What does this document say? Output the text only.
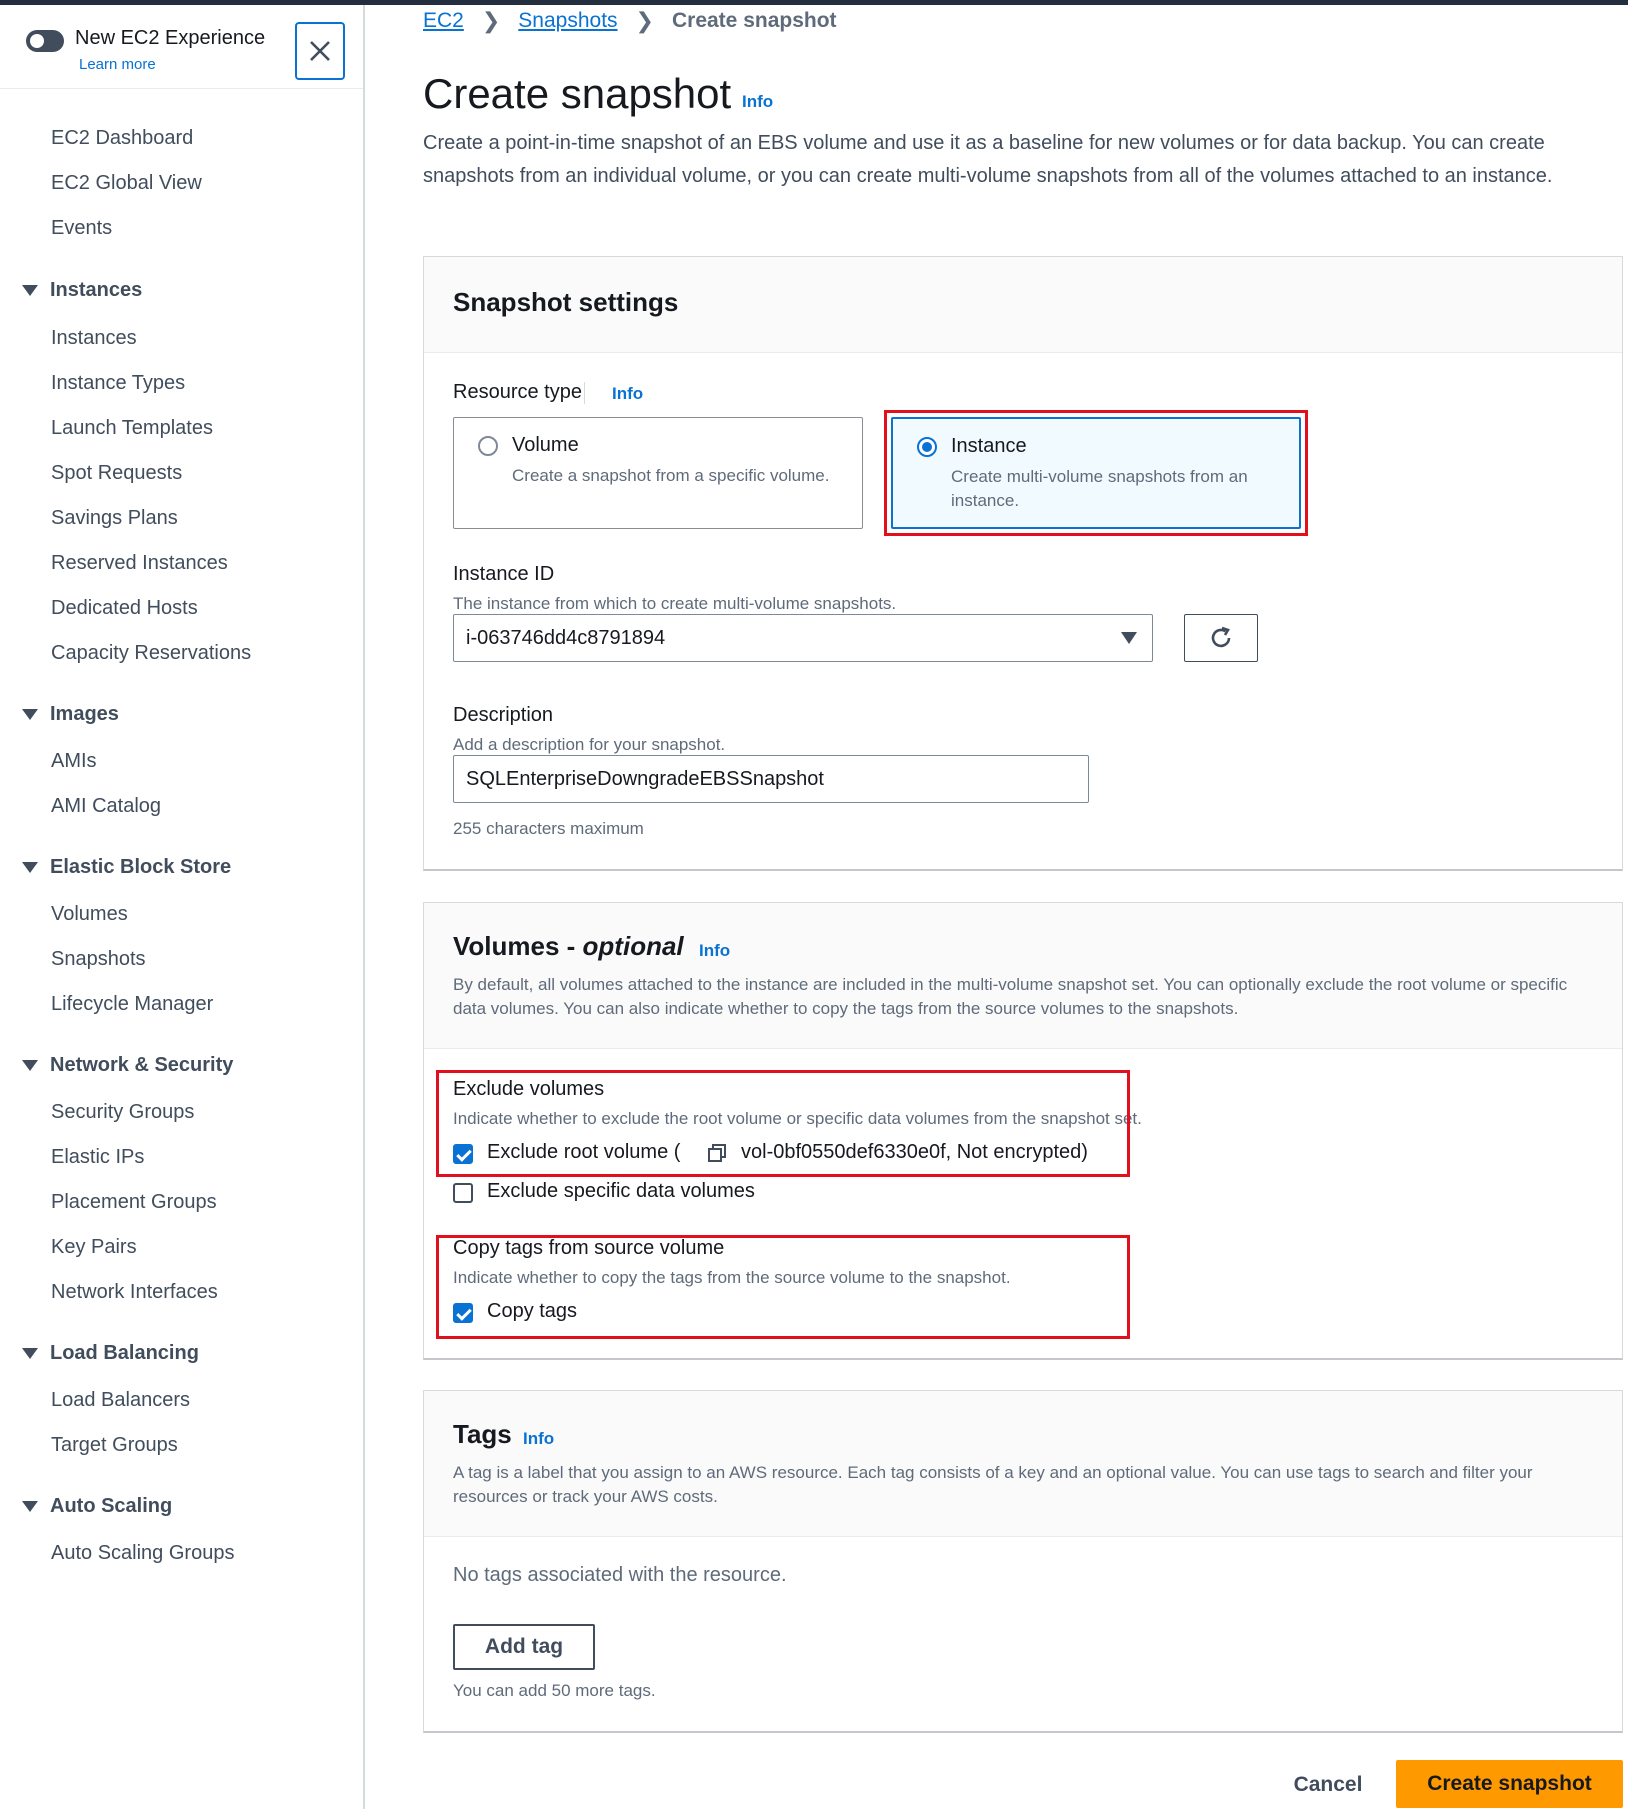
New EC2 Experience
Learn more
EC2 Dashboard
EC2 Global View
Events
Instances
Instances
Instance Types
Launch Templates
Spot Requests
Savings Plans
Reserved Instances
Dedicated Hosts
Capacity Reservations
Images
AMIs
AMI Catalog
Elastic Block Store
Volumes
Snapshots
Lifecycle Manager
Network & Security
Security Groups
Elastic IPs
Placement Groups
Key Pairs
Network Interfaces
Load Balancing
Load Balancers
Target Groups
Auto Scaling
Auto Scaling Groups
EC2 ❯ Snapshots ❯ Create snapshot
Create snapshot Info
Create a point-in-time snapshot of an EBS volume and use it as a baseline for new volumes or for data backup. You can create snapshots from an individual volume, or you can create multi-volume snapshots from all of the volumes attached to an instance.
Snapshot settings
Resource type Info
Volume
Create a snapshot from a specific volume.
Instance
Create multi-volume snapshots from an instance.
Instance ID
The instance from which to create multi-volume snapshots.
i-063746dd4c8791894
Description
Add a description for your snapshot.
SQLEnterpriseDowngradeEBSSnapshot
255 characters maximum
Volumes - optional Info
By default, all volumes attached to the instance are included in the multi-volume snapshot set. You can optionally exclude the root volume or specific data volumes. You can also indicate whether to copy the tags from the source volumes to the snapshots.
Exclude volumes
Indicate whether to exclude the root volume or specific data volumes from the snapshot set.
Exclude root volume (	vol-0bf0550def6330e0f, Not encrypted)
Exclude specific data volumes
Copy tags from source volume
Indicate whether to copy the tags from the source volume to the snapshot.
Copy tags
Tags Info
A tag is a label that you assign to an AWS resource. Each tag consists of a key and an optional value. You can use tags to search and filter your resources or track your AWS costs.
No tags associated with the resource.
Add tag
You can add 50 more tags.
Cancel	Create snapshot
